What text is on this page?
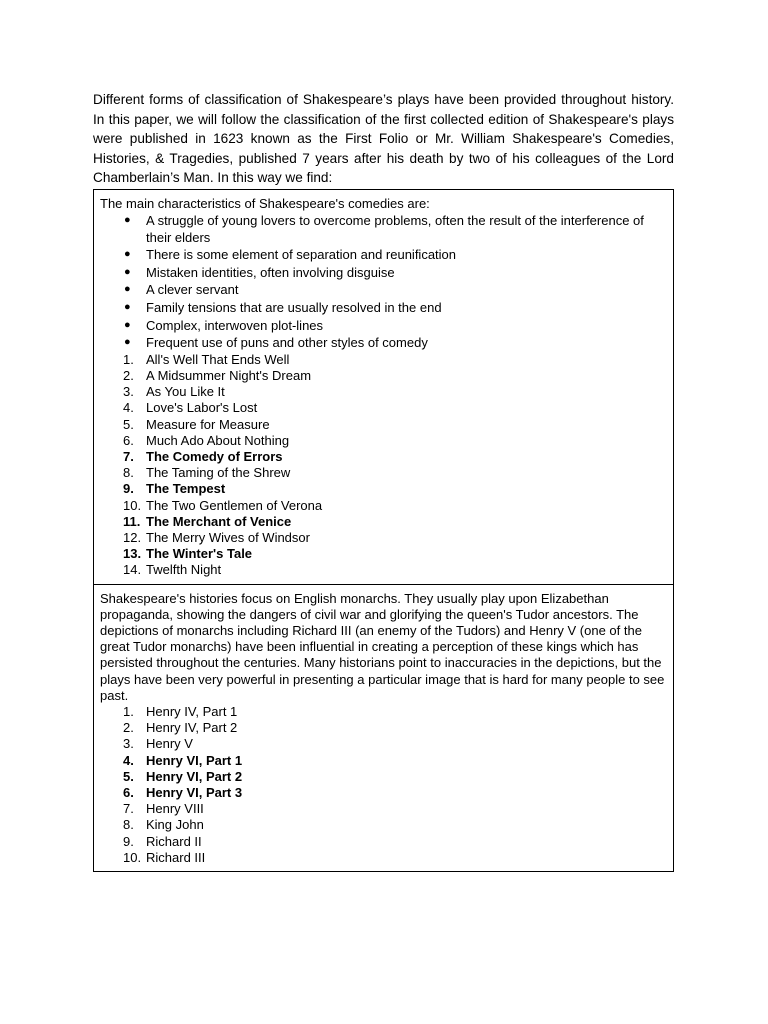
Different forms of classification of Shakespeare’s plays have been provided throughout history. In this paper, we will follow the classification of the first collected edition of Shakespeare's plays were published in 1623 known as the First Folio or Mr. William Shakespeare's Comedies, Histories, & Tragedies, published 7 years after his death by two of his colleagues of the Lord Chamberlain’s Man. In this way we find:

The main characteristics of Shakespeare's comedies are:

● A struggle of young lovers to overcome problems, often the result of the interference of their elders
● There is some element of separation and reunification
● Mistaken identities, often involving disguise
● A clever servant
● Family tensions that are usually resolved in the end
● Complex, interwoven plot-lines
● Frequent use of puns and other styles of comedy
1. All's Well That Ends Well
2. A Midsummer Night's Dream
3. As You Like It
4. Love's Labor's Lost
5. Measure for Measure
6. Much Ado About Nothing
7. The Comedy of Errors
8. The Taming of the Shrew
9. The Tempest
10. The Two Gentlemen of Verona
11. The Merchant of Venice
12. The Merry Wives of Windsor
13. The Winter's Tale
14. Twelfth Night

Shakespeare's histories focus on English monarchs. They usually play upon Elizabethan propaganda, showing the dangers of civil war and glorifying the queen's Tudor ancestors. The depictions of monarchs including Richard III (an enemy of the Tudors) and Henry V (one of the great Tudor monarchs) have been influential in creating a perception of these kings which has persisted throughout the centuries. Many historians point to inaccuracies in the depictions, but the plays have been very powerful in presenting a particular image that is hard for many people to see past.

1. Henry IV, Part 1
2. Henry IV, Part 2
3. Henry V
4. Henry VI, Part 1
5. Henry VI, Part 2
6. Henry VI, Part 3
7. Henry VIII
8. King John
9. Richard II
10. Richard III
